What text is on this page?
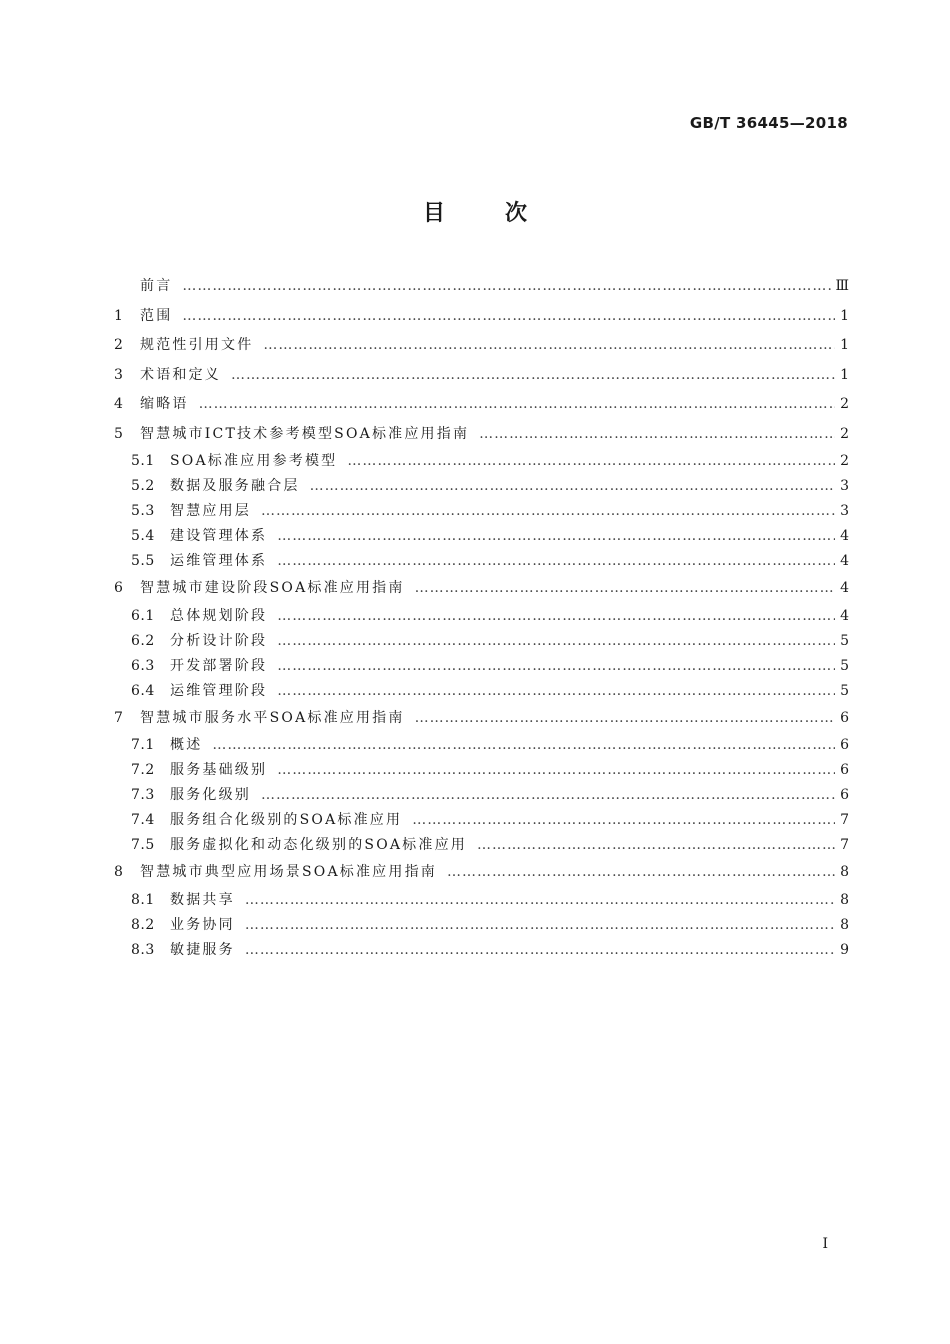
GB/T 36445—2018
目	次
前言 …………………………………………………………………………………………………………………………………………………………………………………………	Ⅲ
1	范围 …………………………………………………………………………………………………………………………………………………………………………………………	1
2	规范性引用文件 …………………………………………………………………………………………………………………………………………………………………………………………	1
3	术语和定义 …………………………………………………………………………………………………………………………………………………………………………………………	1
4	缩略语 …………………………………………………………………………………………………………………………………………………………………………………………	2
5	智慧城市ICT技术参考模型SOA标准应用指南 …………………………………………………………………………………………………………………………………………………………………………………………	2
5.1	SOA标准应用参考模型 …………………………………………………………………………………………………………………………………………………………………………………………	2
5.2	数据及服务融合层 …………………………………………………………………………………………………………………………………………………………………………………………	3
5.3	智慧应用层 …………………………………………………………………………………………………………………………………………………………………………………………	3
5.4	建设管理体系 …………………………………………………………………………………………………………………………………………………………………………………………	4
5.5	运维管理体系 …………………………………………………………………………………………………………………………………………………………………………………………	4
6	智慧城市建设阶段SOA标准应用指南 …………………………………………………………………………………………………………………………………………………………………………………………	4
6.1	总体规划阶段 …………………………………………………………………………………………………………………………………………………………………………………………	4
6.2	分析设计阶段 …………………………………………………………………………………………………………………………………………………………………………………………	5
6.3	开发部署阶段 …………………………………………………………………………………………………………………………………………………………………………………………	5
6.4	运维管理阶段 …………………………………………………………………………………………………………………………………………………………………………………………	5
7	智慧城市服务水平SOA标准应用指南 …………………………………………………………………………………………………………………………………………………………………………………………	6
7.1	概述 …………………………………………………………………………………………………………………………………………………………………………………………	6
7.2	服务基础级别 …………………………………………………………………………………………………………………………………………………………………………………………	6
7.3	服务化级别 …………………………………………………………………………………………………………………………………………………………………………………………	6
7.4	服务组合化级别的SOA标准应用 …………………………………………………………………………………………………………………………………………………………………………………………	7
7.5	服务虚拟化和动态化级别的SOA标准应用 …………………………………………………………………………………………………………………………………………………………………………………………	7
8	智慧城市典型应用场景SOA标准应用指南 …………………………………………………………………………………………………………………………………………………………………………………………	8
8.1	数据共享 …………………………………………………………………………………………………………………………………………………………………………………………	8
8.2	业务协同 …………………………………………………………………………………………………………………………………………………………………………………………	8
8.3	敏捷服务 …………………………………………………………………………………………………………………………………………………………………………………………	9
I
